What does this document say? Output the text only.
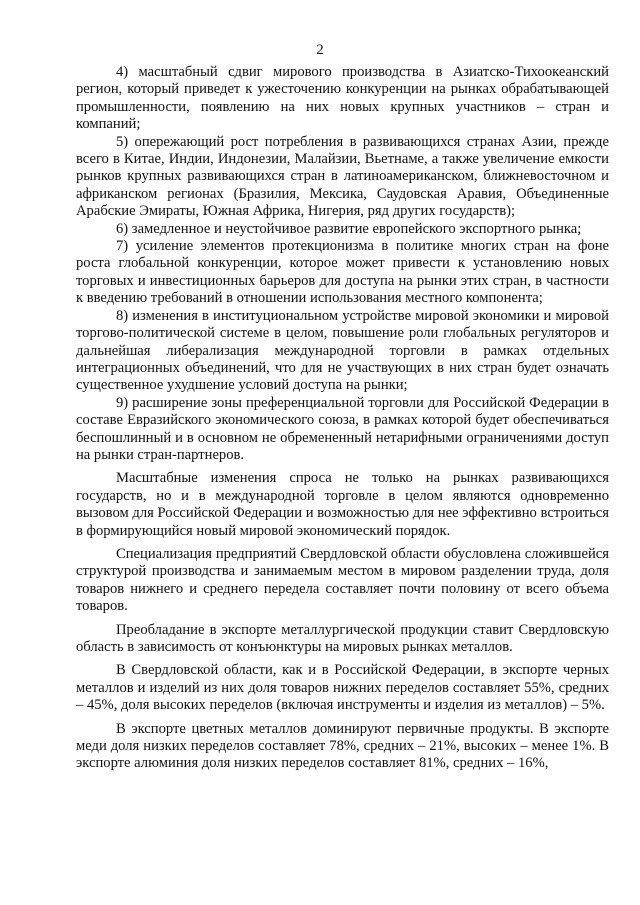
2

4) масштабный сдвиг мирового производства в Азиатско-Тихоокеанский регион, который приведет к ужесточению конкуренции на рынках обрабатывающей промышленности, появлению на них новых крупных участников – стран и компаний;

5) опережающий рост потребления в развивающихся странах Азии, прежде всего в Китае, Индии, Индонезии, Малайзии, Вьетнаме, а также увеличение емкости рынков крупных развивающихся стран в латиноамериканском, ближневосточном и африканском регионах (Бразилия, Мексика, Саудовская Аравия, Объединенные Арабские Эмираты, Южная Африка, Нигерия, ряд других государств);

6) замедленное и неустойчивое развитие европейского экспортного рынка;

7) усиление элементов протекционизма в политике многих стран на фоне роста глобальной конкуренции, которое может привести к установлению новых торговых и инвестиционных барьеров для доступа на рынки этих стран, в частности к введению требований в отношении использования местного компонента;

8) изменения в институциональном устройстве мировой экономики и мировой торгово-политической системе в целом, повышение роли глобальных регуляторов и дальнейшая либерализация международной торговли в рамках отдельных интеграционных объединений, что для не участвующих в них стран будет означать существенное ухудшение условий доступа на рынки;

9) расширение зоны преференциальной торговли для Российской Федерации в составе Евразийского экономического союза, в рамках которой будет обеспечиваться беспошлинный и в основном не обремененный нетарифными ограничениями доступ на рынки стран-партнеров.

Масштабные изменения спроса не только на рынках развивающихся государств, но и в международной торговле в целом являются одновременно вызовом для Российской Федерации и возможностью для нее эффективно встроиться в формирующийся новый мировой экономический порядок.

Специализация предприятий Свердловской области обусловлена сложившейся структурой производства и занимаемым местом в мировом разделении труда, доля товаров нижнего и среднего передела составляет почти половину от всего объема товаров.

Преобладание в экспорте металлургической продукции ставит Свердловскую область в зависимость от конъюнктуры на мировых рынках металлов.

В Свердловской области, как и в Российской Федерации, в экспорте черных металлов и изделий из них доля товаров нижних переделов составляет 55%, средних – 45%, доля высоких переделов (включая инструменты и изделия из металлов) – 5%.

В экспорте цветных металлов доминируют первичные продукты. В экспорте меди доля низких переделов составляет 78%, средних – 21%, высоких – менее 1%. В экспорте алюминия доля низких переделов составляет 81%, средних – 16%,
